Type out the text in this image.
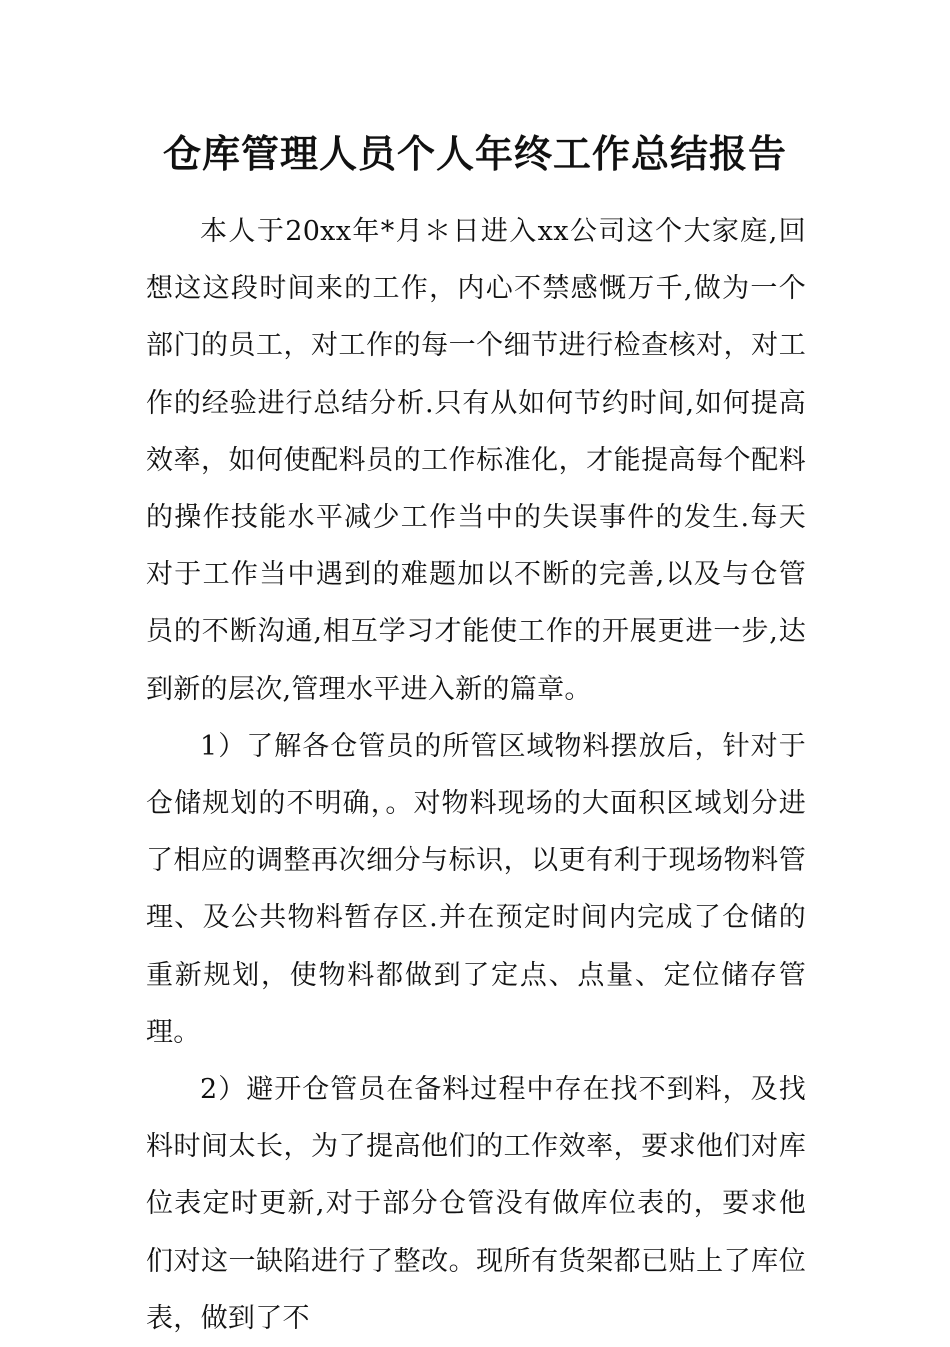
仓库管理人员个人年终工作总结报告

本人于20xx年*月＊日进入xx公司这个大家庭,回想这这段时间来的工作，内心不禁感慨万千,做为一个部门的员工，对工作的每一个细节进行检查核对，对工作的经验进行总结分析.只有从如何节约时间,如何提高效率，如何使配料员的工作标准化，才能提高每个配料的操作技能水平减少工作当中的失误事件的发生.每天对于工作当中遇到的难题加以不断的完善,以及与仓管员的不断沟通,相互学习才能使工作的开展更进一步,达到新的层次,管理水平进入新的篇章。

1）了解各仓管员的所管区域物料摆放后，针对于仓储规划的不明确，。对物料现场的大面积区域划分进了相应的调整再次细分与标识，以更有利于现场物料管理、及公共物料暂存区.并在预定时间内完成了仓储的重新规划，使物料都做到了定点、点量、定位储存管理。

2）避开仓管员在备料过程中存在找不到料，及找料时间太长，为了提高他们的工作效率，要求他们对库位表定时更新,对于部分仓管没有做库位表的，要求他们对这一缺陷进行了整改。现所有货架都已贴上了库位表，做到了不
